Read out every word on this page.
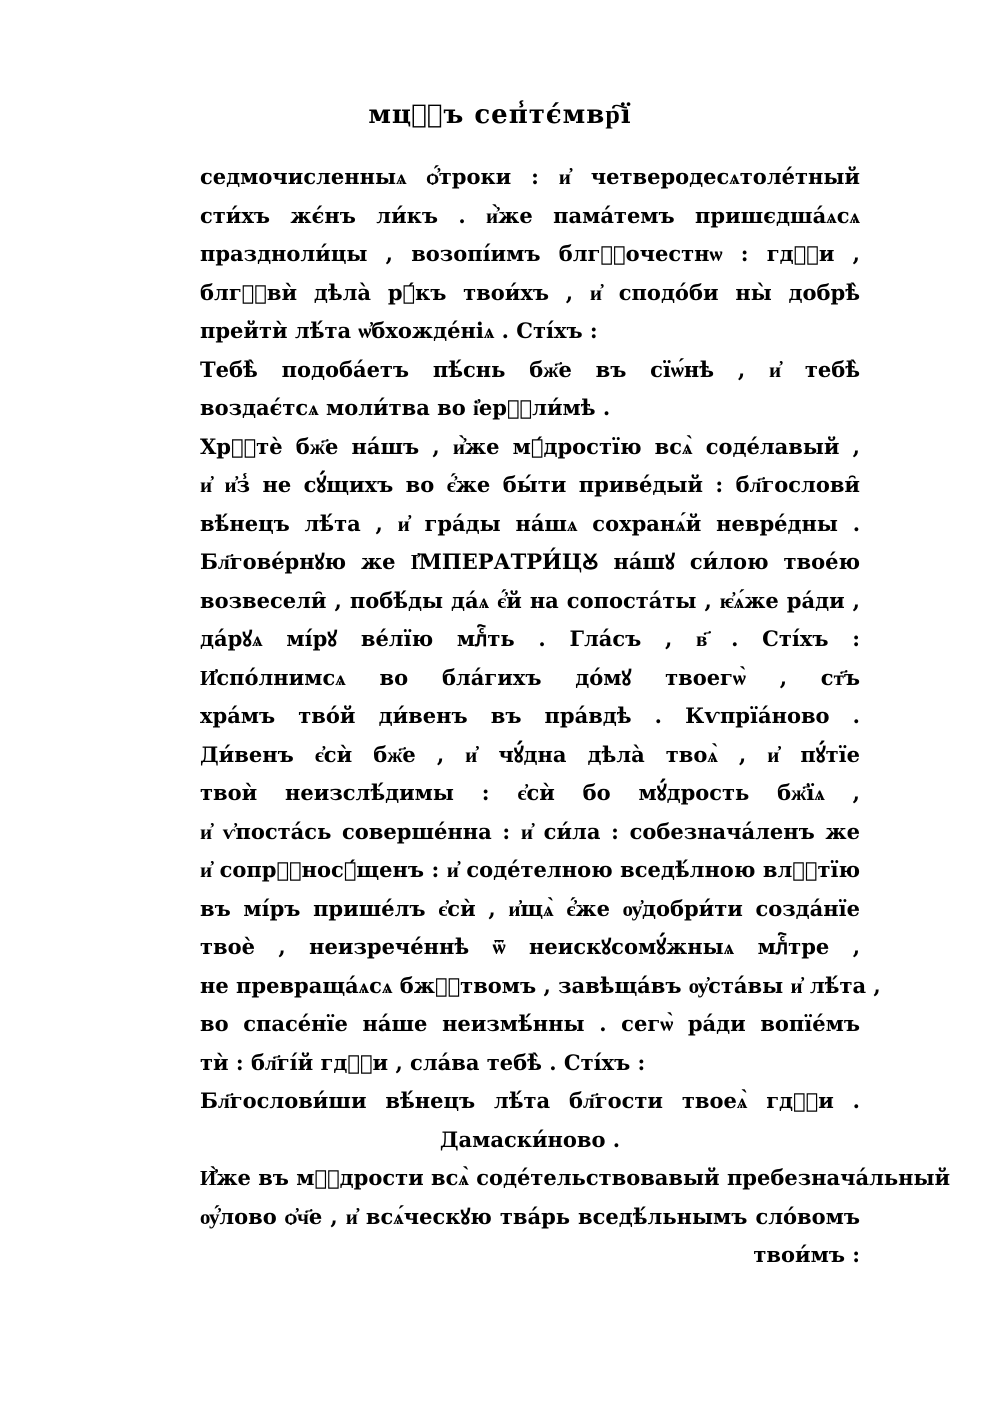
мцⷭ҇ъ сеп̾тє́мвр҇ї
седмочисленныѧ ѻ҆́троки : и҆ четверодесѧтоле́тный
сти́хъ жє́нъ ли́къ . и҆̀же пама́темъ пришєдша́ѧсѧ
праздноли́цы , возопі́имъ блгⷭ҇очестнѡ : гдⷭ҇и ,
блгⷭ҇вѝ дѣла̀ рꙋ́къ твои́хъ , и҆ сподо́би ны̀ добрѣ̀
прейтѝ лѣ́та ѡ҆бхожде́ніѧ . Сті́хъ :
Тебѣ̀ подоба́етъ пѣ́снь бж҃е въ сїѡ́нѣ , и҆ тебѣ̀
воздає́тсѧ моли́тва во і҆ерⷭ҇ли́мѣ .
Хрⷭ҇тѐ бж҃е на́шъ , и҆̀же мꙋ́дростїю всѧ̀ соде́лавый ,
и҆ и҆з̾ не сꙋ́щихъ во є҆́же бы́ти приве́дый : бл҃гослови̑
вѣ́нецъ лѣ́та , и҆ гра́ды на́шѧ сохранѧ́й невре́дны .
Бл҃гове́рнꙋю же І҆МПЕРАТРИ́ЦꙊ на́шꙋ си́лою твое́ю
возвесели̑ , побѣ́ды да́ѧ є҆́й на сопоста́ты , ѥ҆ѧ́же ра́ди ,
да́рꙋѧ мі́рꙋ ве́лїю млⷭ҇ть . Гла́съ , в҃ . Сті́хъ :
И҆спо́лнимсѧ во бла́гихъ до́мꙋ твоегѡ̀ , ст҃ъ
хра́мъ тво́й ди́венъ въ пра́вдѣ . Кѵпрїа́ново .
Ди́венъ є҆сѝ бж҃е , и҆ чꙋ́дна дѣла̀ твоѧ̀ , и҆ пꙋ́тїе
твоѝ неизслѣ́димы : є҆сѝ бо мꙋ́дрость бж҃їѧ ,
и҆ ѵ҆поста́сь соверше́нна : и҆ си́ла : собезнача́ленъ же
и҆ сопрⷭ҇носꙋ́щенъ : и҆ соде́телною вседѣ́лною влⷭ҇тїю
въ мі́ръ прише́лъ є҆сѝ , и҆щѧ̀ є҆́же ѹ҆добри́ти созда́нїе
твоѐ , неизрече́ннѣ ѿ неискꙋсомꙋ́жныѧ млⷭ҇тре ,
не превраща́ѧсѧ бжⷭ҇твомъ , завѣща́въ ѹ҆ста́вы и҆ лѣ́та ,
во спасе́нїе на́ше неизмѣ́нны . сегѡ̀ ра́ди вопїе́мъ
тѝ : бл҃гі́й гдⷭ҇и , сла́ва тебѣ̀ . Сті́хъ :
Бл҃гослови́ши вѣ́нецъ лѣ́та бл҃гости твоеѧ̀ гдⷭ҇и .
Дамаски́ново .
И҆̀же въ мⷭ҇дрости всѧ̀ соде́тельствовавый пребезнача́льный
ѹ҆́лово ѻ҆ч҃е , и҆ всѧ́ческꙋю тва́рь вседѣ́льнымъ сло́вомъ
твои́мъ :
